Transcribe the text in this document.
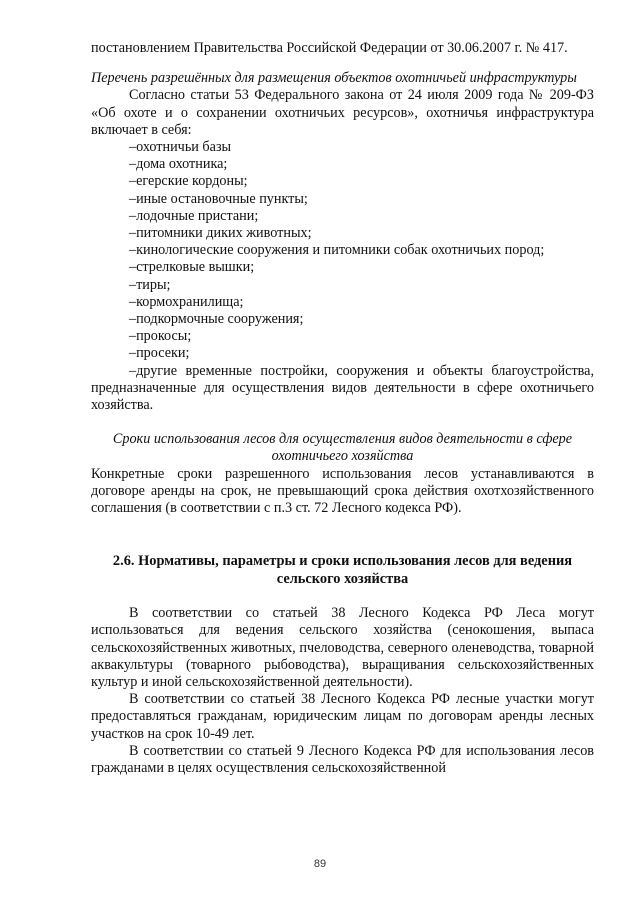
постановлением Правительства Российской Федерации от 30.06.2007 г. № 417.

Перечень разрешённых для размещения объектов охотничьей инфраструктуры

Согласно статьи 53 Федерального закона от 24 июля 2009 года № 209-ФЗ «Об охоте и о сохранении охотничьих ресурсов», охотничья инфраструктура включает в себя:

–охотничьи базы
–дома охотника;
–егерские кордоны;
–иные остановочные пункты;
–лодочные пристани;
–питомники диких животных;
–кинологические сооружения и питомники собак охотничьих пород;
–стрелковые вышки;
–тиры;
–кормохранилища;
–подкормочные сооружения;
–прокосы;
–просеки;

–другие временные постройки, сооружения и объекты благоустройства, предназначенные для осуществления видов деятельности в сфере охотничьего хозяйства.

Сроки использования лесов для осуществления видов деятельности в сфере охотничьего хозяйства

Конкретные сроки разрешенного использования лесов устанавливаются в договоре аренды на срок, не превышающий срока действия охотхозяйственного соглашения (в соответствии с п.3 ст. 72 Лесного кодекса РФ).

2.6. Нормативы, параметры и сроки использования лесов для ведения сельского хозяйства

В соответствии со статьей 38 Лесного Кодекса РФ Леса могут использоваться для ведения сельского хозяйства (сенокошения, выпаса сельскохозяйственных животных, пчеловодства, северного оленеводства, товарной аквакультуры (товарного рыбоводства), выращивания сельскохозяйственных культур и иной сельскохозяйственной деятельности).

В соответствии со статьей 38 Лесного Кодекса РФ лесные участки могут предоставляться гражданам, юридическим лицам по договорам аренды лесных участков на срок 10-49 лет.

В соответствии со статьей 9 Лесного Кодекса РФ для использования лесов гражданами в целях осуществления сельскохозяйственной

89
